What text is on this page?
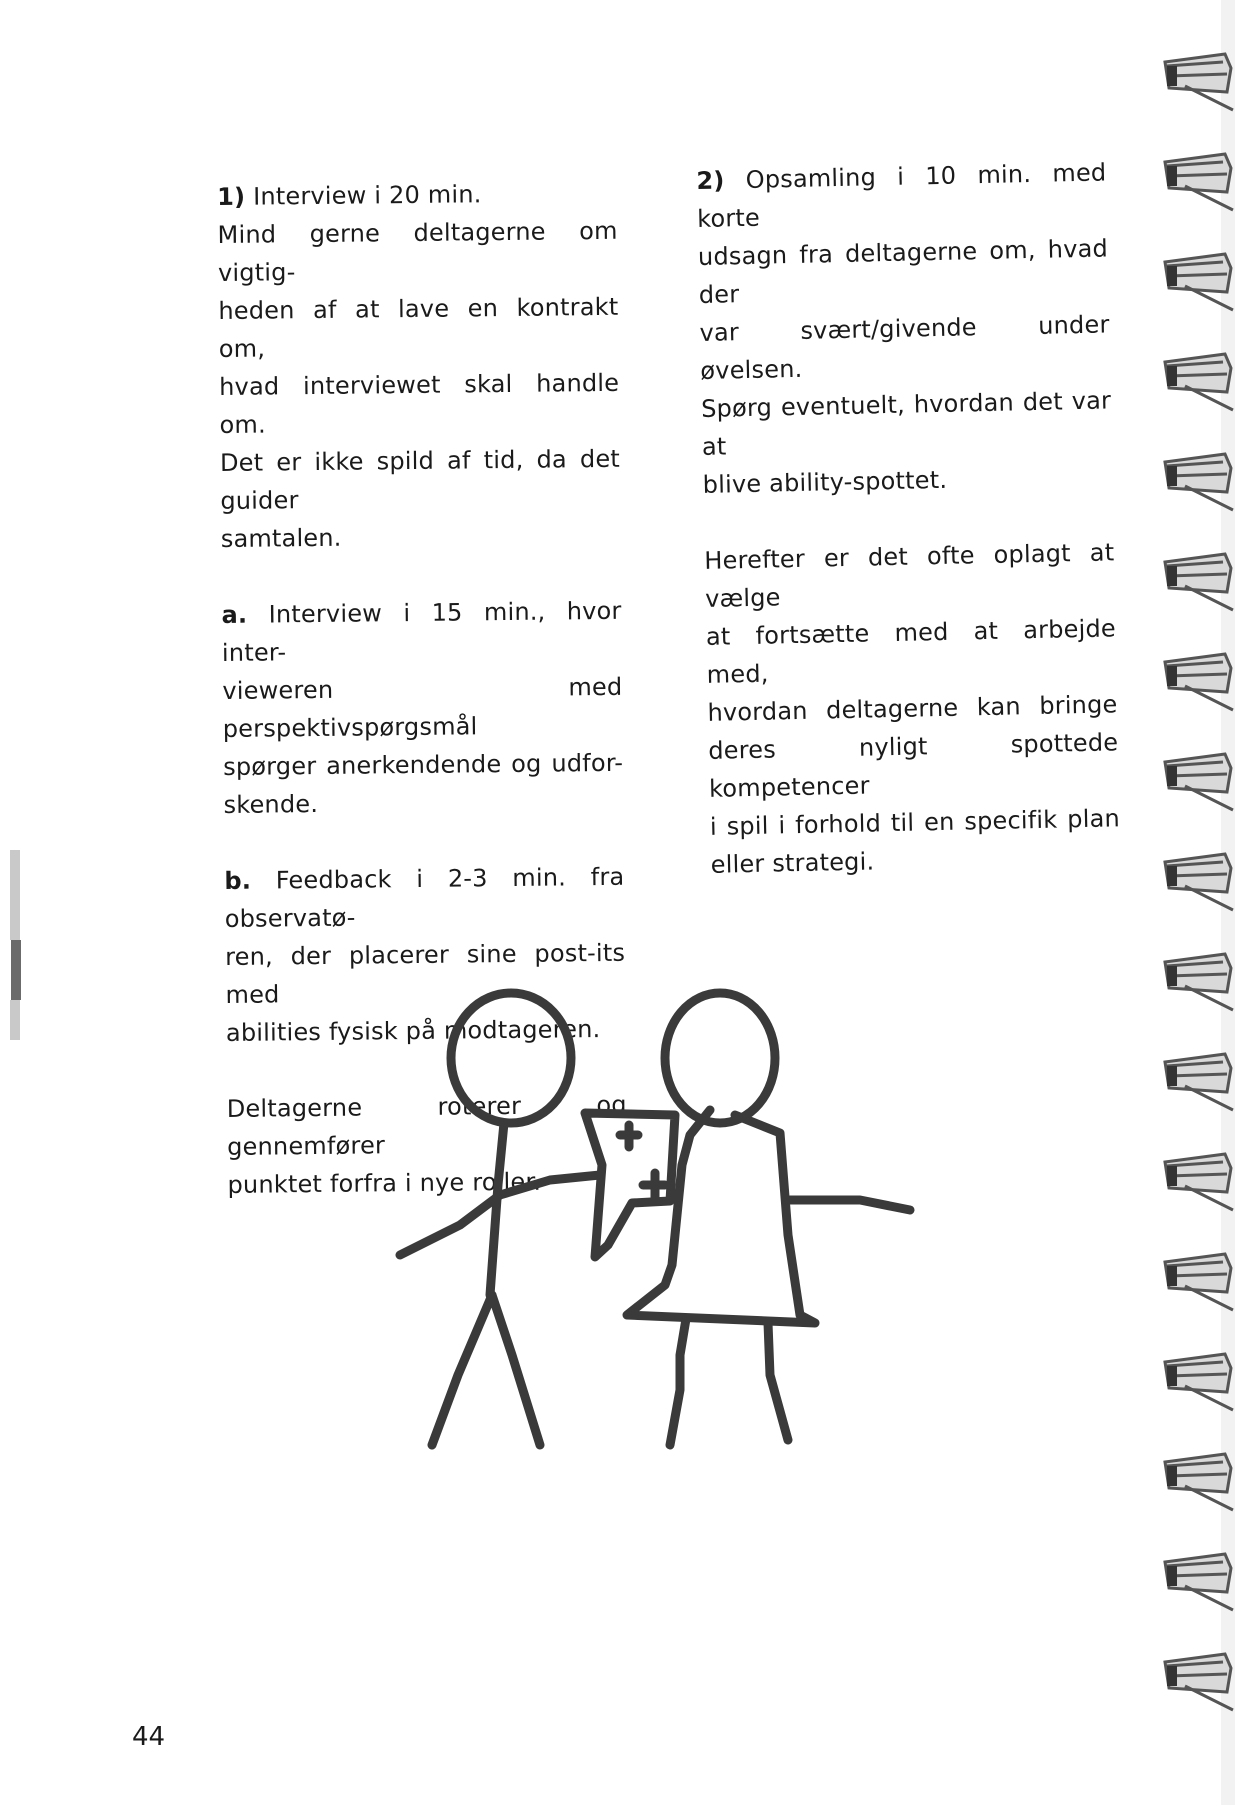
1) Interview i 20 min.
Mind gerne deltagerne om vigtig-
heden af at lave en kontrakt om,
hvad interviewet skal handle om.
Det er ikke spild af tid, da det guider
samtalen.
a. Interview i 15 min., hvor inter-
vieweren med perspektivspørgsmål
spørger anerkendende og udfor-
skende.
b. Feedback i 2-3 min. fra observatø-
ren, der placerer sine post-its med
abilities fysisk på modtageren.
Deltagerne roterer og gennemfører
punktet forfra i nye roller.
2) Opsamling i 10 min. med korte
udsagn fra deltagerne om, hvad der
var svært/givende under øvelsen.
Spørg eventuelt, hvordan det var at
blive ability-spottet.
Herefter er det ofte oplagt at vælge
at fortsætte med at arbejde med,
hvordan deltagerne kan bringe
deres nyligt spottede kompetencer
i spil i forhold til en specifik plan
eller strategi.
44
